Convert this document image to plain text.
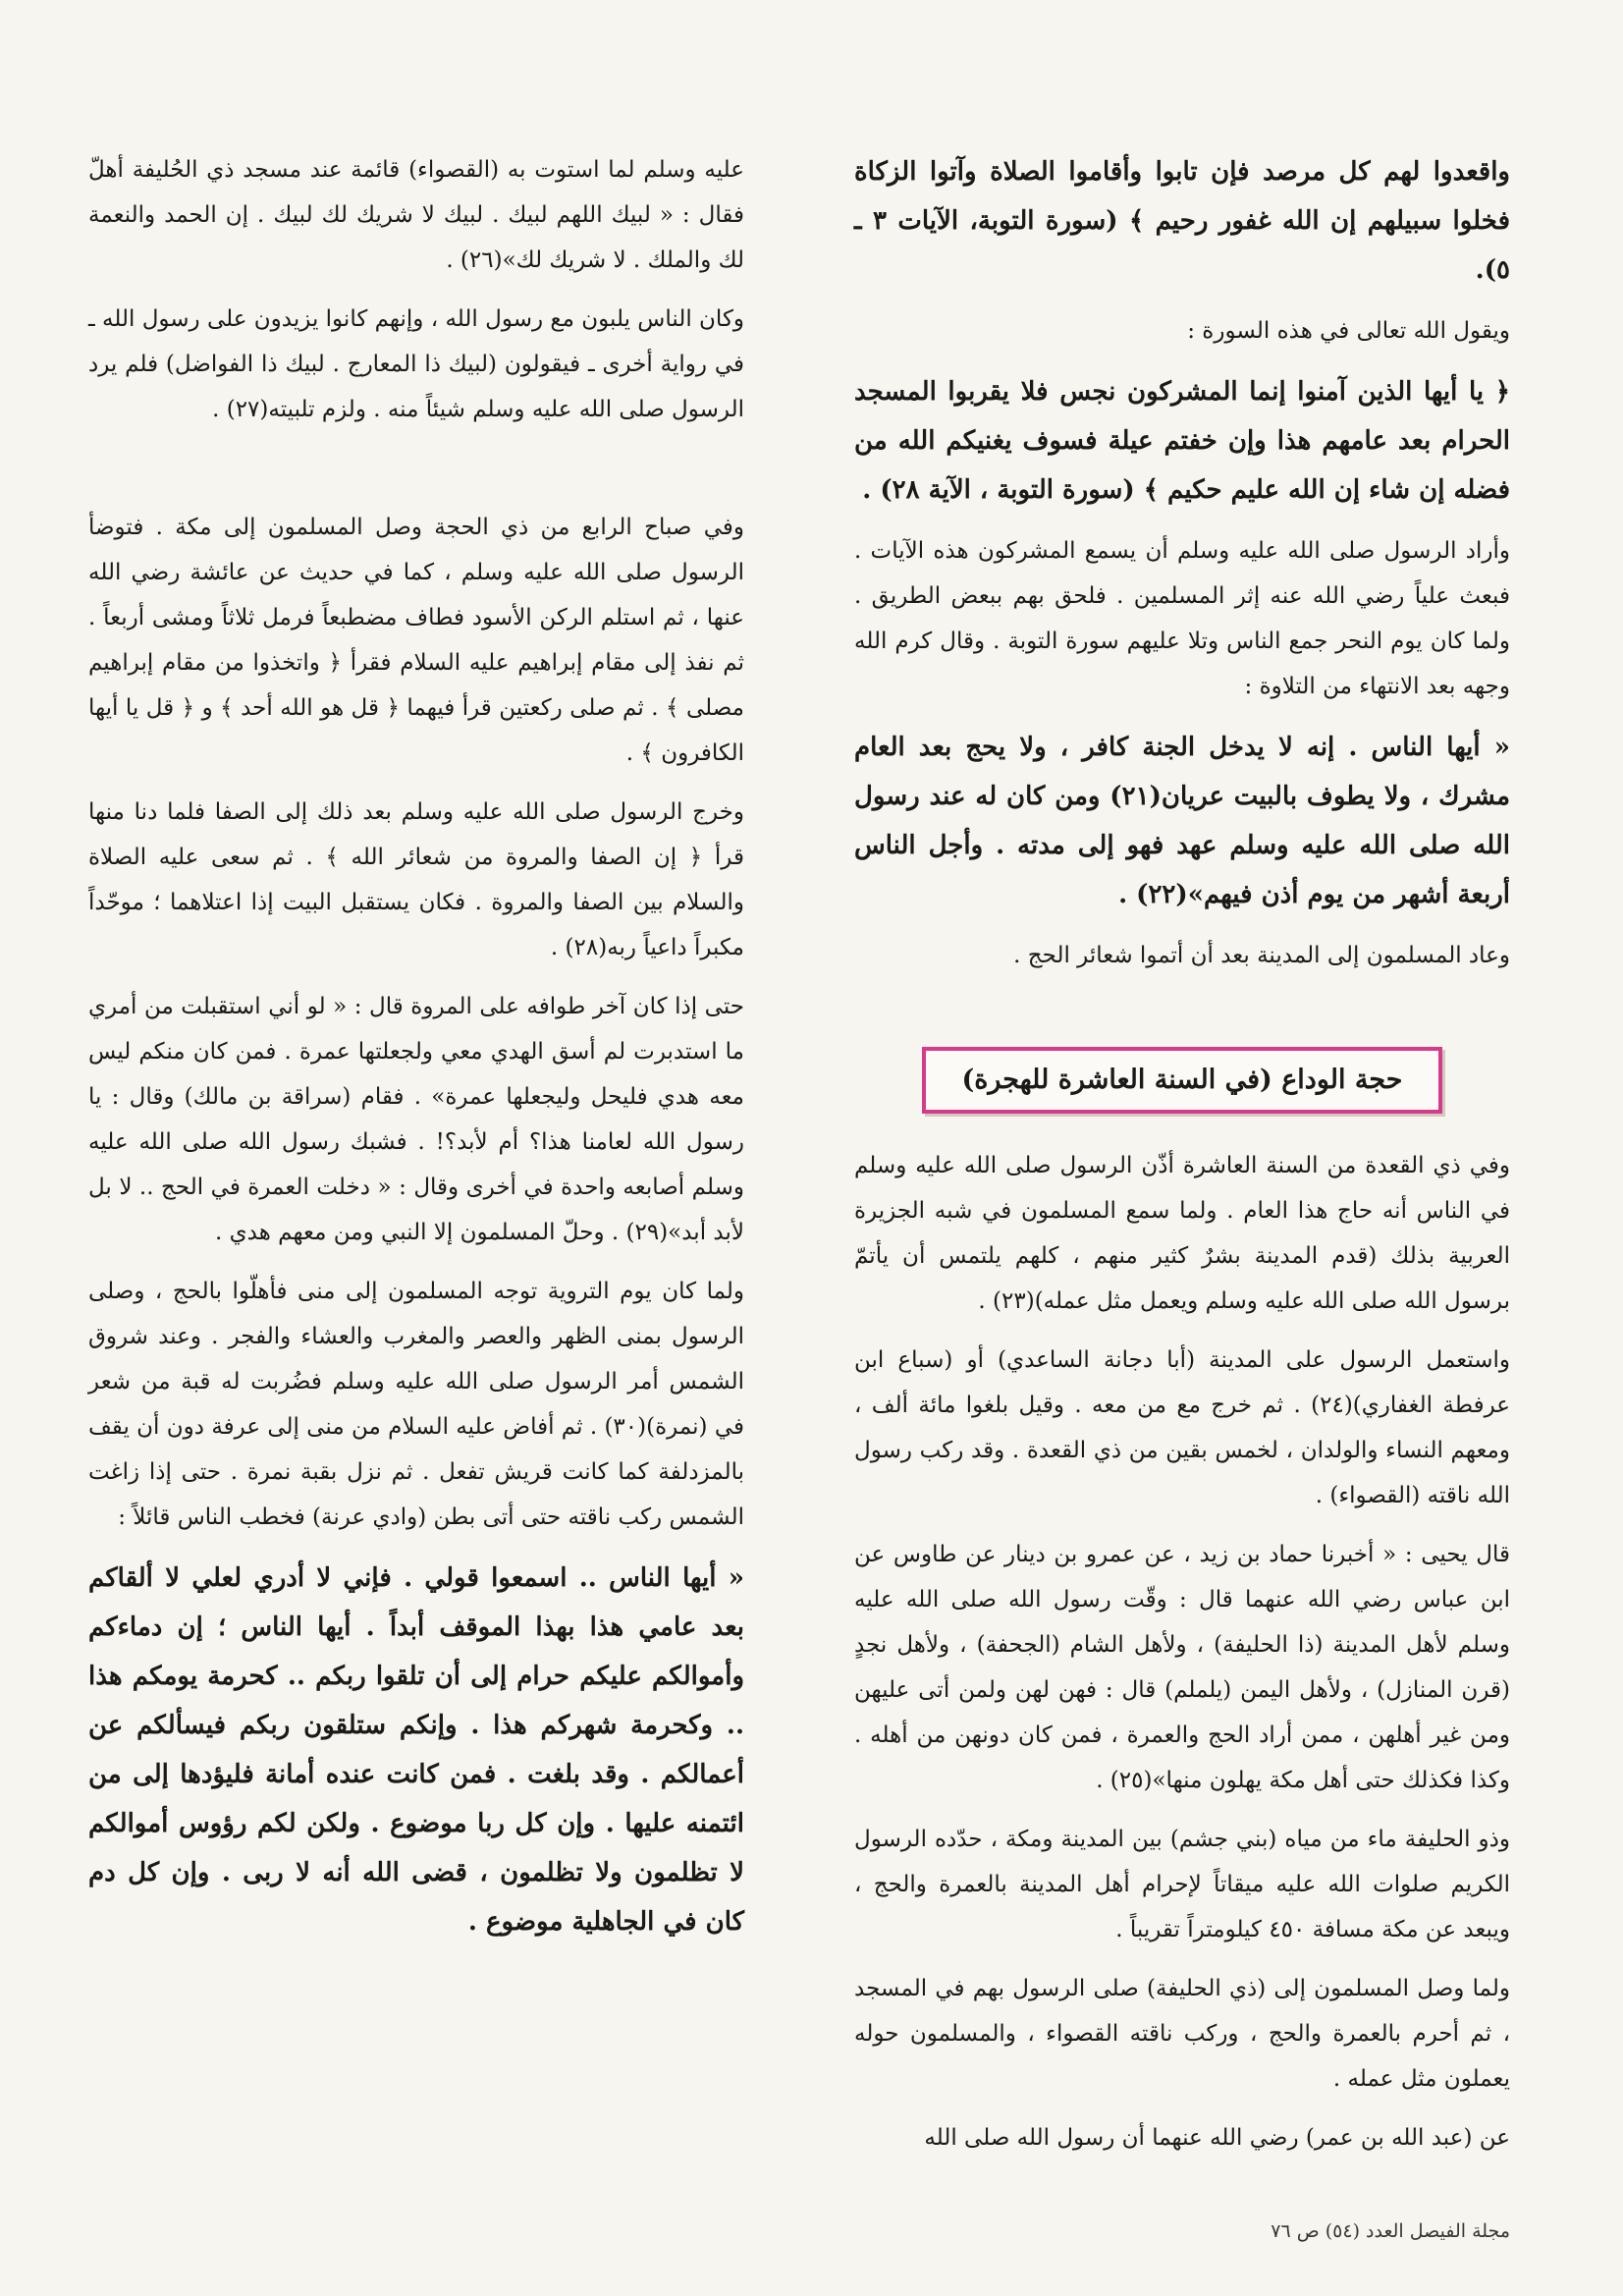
واقعدوا لهم كل مرصد فإن تابوا وأقاموا الصلاة وآتوا الزكاة فخلوا سبيلهم إن الله غفور رحيم ﴾ (سورة التوبة، الآيات ٣ ـ ٥).

ويقول الله تعالى في هذه السورة :

﴿ يا أيها الذين آمنوا إنما المشركون نجس فلا يقربوا المسجد الحرام بعد عامهم هذا وإن خفتم عيلة فسوف يغنيكم الله من فضله إن شاء إن الله عليم حكيم ﴾ (سورة التوبة ، الآية ٢٨) .

وأراد الرسول صلى الله عليه وسلم أن يسمع المشركون هذه الآيات . فبعث علياً رضي الله عنه إثر المسلمين . فلحق بهم ببعض الطريق . ولما كان يوم النحر جمع الناس وتلا عليهم سورة التوبة . وقال كرم الله وجهه بعد الانتهاء من التلاوة :

« أيها الناس . إنه لا يدخل الجنة كافر ، ولا يحج بعد العام مشرك ، ولا يطوف بالبيت عريان(٢١) ومن كان له عند رسول الله صلى الله عليه وسلم عهد فهو إلى مدته . وأجل الناس أربعة أشهر من يوم أذن فيهم»(٢٢) .

وعاد المسلمون إلى المدينة بعد أن أتموا شعائر الحج .

حجة الوداع (في السنة العاشرة للهجرة)

وفي ذي القعدة من السنة العاشرة أذّن الرسول صلى الله عليه وسلم في الناس أنه حاج هذا العام . ولما سمع المسلمون في شبه الجزيرة العربية بذلك (قدم المدينة بشرٌ كثير منهم ، كلهم يلتمس أن يأتمّ برسول الله صلى الله عليه وسلم ويعمل مثل عمله)(٢٣) .

واستعمل الرسول على المدينة (أبا دجانة الساعدي) أو (سباع ابن عرفطة الغفاري)(٢٤) . ثم خرج مع من معه . وقيل بلغوا مائة ألف ، ومعهم النساء والولدان ، لخمس بقين من ذي القعدة . وقد ركب رسول الله ناقته (القصواء) .

قال يحيى : « أخبرنا حماد بن زيد ، عن عمرو بن دينار عن طاوس عن ابن عباس رضي الله عنهما قال : وقّت رسول الله صلى الله عليه وسلم لأهل المدينة (ذا الحليفة) ، ولأهل الشام (الجحفة) ، ولأهل نجدٍ (قرن المنازل) ، ولأهل اليمن (يلملم) قال : فهن لهن ولمن أتى عليهن ومن غير أهلهن ، ممن أراد الحج والعمرة ، فمن كان دونهن من أهله . وكذا فكذلك حتى أهل مكة يهلون منها»(٢٥) .

وذو الحليفة ماء من مياه (بني جشم) بين المدينة ومكة ، حدّده الرسول الكريم صلوات الله عليه ميقاتاً لإحرام أهل المدينة بالعمرة والحج ، ويبعد عن مكة مسافة ٤٥٠ كيلومتراً تقريباً .

ولما وصل المسلمون إلى (ذي الحليفة) صلى الرسول بهم في المسجد ، ثم أحرم بالعمرة والحج ، وركب ناقته القصواء ، والمسلمون حوله يعملون مثل عمله .

عن (عبد الله بن عمر) رضي الله عنهما أن رسول الله صلى الله

عليه وسلم لما استوت به (القصواء) قائمة عند مسجد ذي الحُليفة أهلّ فقال : « لبيك اللهم لبيك . لبيك لا شريك لك لبيك . إن الحمد والنعمة لك والملك . لا شريك لك»(٢٦) .

وكان الناس يلبون مع رسول الله ، وإنهم كانوا يزيدون على رسول الله ـ في رواية أخرى ـ فيقولون (لبيك ذا المعارج . لبيك ذا الفواضل) فلم يرد الرسول صلى الله عليه وسلم شيئاً منه . ولزم تلبيته(٢٧) .

وفي صباح الرابع من ذي الحجة وصل المسلمون إلى مكة . فتوضأ الرسول صلى الله عليه وسلم ، كما في حديث عن عائشة رضي الله عنها ، ثم استلم الركن الأسود فطاف مضطبعاً فرمل ثلاثاً ومشى أربعاً . ثم نفذ إلى مقام إبراهيم عليه السلام فقرأ ﴿ واتخذوا من مقام إبراهيم مصلى ﴾ . ثم صلى ركعتين قرأ فيهما ﴿ قل هو الله أحد ﴾ و ﴿ قل يا أيها الكافرون ﴾ .

وخرج الرسول صلى الله عليه وسلم بعد ذلك إلى الصفا فلما دنا منها قرأ ﴿ إن الصفا والمروة من شعائر الله ﴾ . ثم سعى عليه الصلاة والسلام بين الصفا والمروة . فكان يستقبل البيت إذا اعتلاهما ؛ موحّداً مكبراً داعياً ربه(٢٨) .

حتى إذا كان آخر طوافه على المروة قال : « لو أني استقبلت من أمري ما استدبرت لم أسق الهدي معي ولجعلتها عمرة . فمن كان منكم ليس معه هدي فليحل وليجعلها عمرة» . فقام (سراقة بن مالك) وقال : يا رسول الله لعامنا هذا؟ أم لأبد؟! . فشبك رسول الله صلى الله عليه وسلم أصابعه واحدة في أخرى وقال : « دخلت العمرة في الحج .. لا بل لأبد أبد»(٢٩) . وحلّ المسلمون إلا النبي ومن معهم هدي .

ولما كان يوم التروية توجه المسلمون إلى منى فأهلّوا بالحج ، وصلى الرسول بمنى الظهر والعصر والمغرب والعشاء والفجر . وعند شروق الشمس أمر الرسول صلى الله عليه وسلم فضُربت له قبة من شعر في (نمرة)(٣٠) . ثم أفاض عليه السلام من منى إلى عرفة دون أن يقف بالمزدلفة كما كانت قريش تفعل . ثم نزل بقبة نمرة . حتى إذا زاغت الشمس ركب ناقته حتى أتى بطن (وادي عرنة) فخطب الناس قائلاً :

« أيها الناس .. اسمعوا قولي . فإني لا أدري لعلي لا ألقاكم بعد عامي هذا بهذا الموقف أبداً . أيها الناس ؛ إن دماءكم وأموالكم عليكم حرام إلى أن تلقوا ربكم .. كحرمة يومكم هذا .. وكحرمة شهركم هذا . وإنكم ستلقون ربكم فيسألكم عن أعمالكم . وقد بلغت . فمن كانت عنده أمانة فليؤدها إلى من ائتمنه عليها . وإن كل ربا موضوع . ولكن لكم رؤوس أموالكم لا تظلمون ولا تظلمون ، قضى الله أنه لا ربى . وإن كل دم كان في الجاهلية موضوع .

مجلة الفيصل العدد (٥٤) ص ٧٦
